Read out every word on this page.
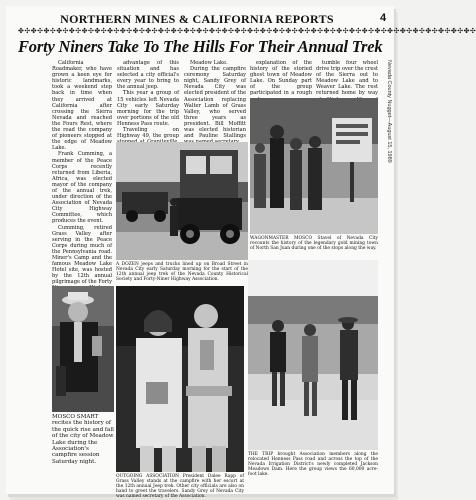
NORTHERN MINES & CALIFORNIA REPORTS	4
✤✣✤✣✤✣✤✣✤✣✤✣✤✣✤✣✤✣✤✣✤✣✤✣✤✣✤✣✤✣✤✣✤✣✤✣✤✣✤✣✤✣✤✣✤✣✤✣✤✣✤✣✤✣✤✣✤✣✤✣✤✣✤✣✤✣✤✣✤✣✤✣
Forty Niners Take To The Hills For Their Annual Trek
Nevada County Nugget—August 15, 1989

California Roadmaker, who have grown a keen eye for historic landmarks, took a weekend step back in time when they arrived at California after crossing the Sierra Nevada and reached the Fours Rest, where the road the company of pioneers stopped at the edge of Meadow Lake.

Frank Cumming, a member of the Peace Corps recently returned from Liberia, Africa, was elected mayor of the company of the annual trek, under direction of the Association of Nevada City Highway Committee, which produces the event.

Cumming, retired Grass Valley after serving in the Peace Corps during much of the Pennsylvania road. Miner's Camp and the famous Meadow Lake Hotel site, was hosted by the 12th annual pilgrimage of the Forty

advantage of this situation and has selected a city official's every year to bring to the annual jeep.

This year a group of 15 vehicles left Nevada City early Saturday morning for the trip over portions of the old Henness Pass route.

Traveling on Highway 49, the group

Meadow Lake.

During the campfire ceremony Saturday night, Sandy Grey of Nevada City was elected president of the Association replacing Walter Lamb of Grass Valley, who served three years as president. Bill Moffitt was elected historian and Pauline Stallings

explanation of the history of the storied ghost town of Meadow Lake. On Sunday part of the group participated in a rough

tumble four wheel drive trip over the crest of the Sierra out to Meadow Lake and to Weaver Lake. The rest returned home by way

A DOZEN jeeps and trucks lined up on Broad Street in Nevada City early Saturday morning for the start of the 12th annual jeep trek of the Nevada County Historical Society and Forty-Niner Highway Association.
WAGONMASTER MOSCO Stavel of Nevada City recounts the history of the legendary gold mining town of North San Juan during one of the stops along the way.
MOSCO SMART recites the history of the quick rise and fall of the city of Meadow Lake during the Association's campfire session Saturday night.
OUTGOING ASSOCIATION President Dalee Rapp of Grass Valley stands at the campfire with her escort at the 12th annual Jeep trek. Other city officials are also on hand to greet the travelers. Sandy Grey of Nevada City was named secretary of the Association.
THE TRIP brought Association members along the relocated Henness Pass road and across the top of the Nevada Irrigation District's newly completed Jackson Meadows Dam. Here the group views the 60,000 acre-foot lake.
